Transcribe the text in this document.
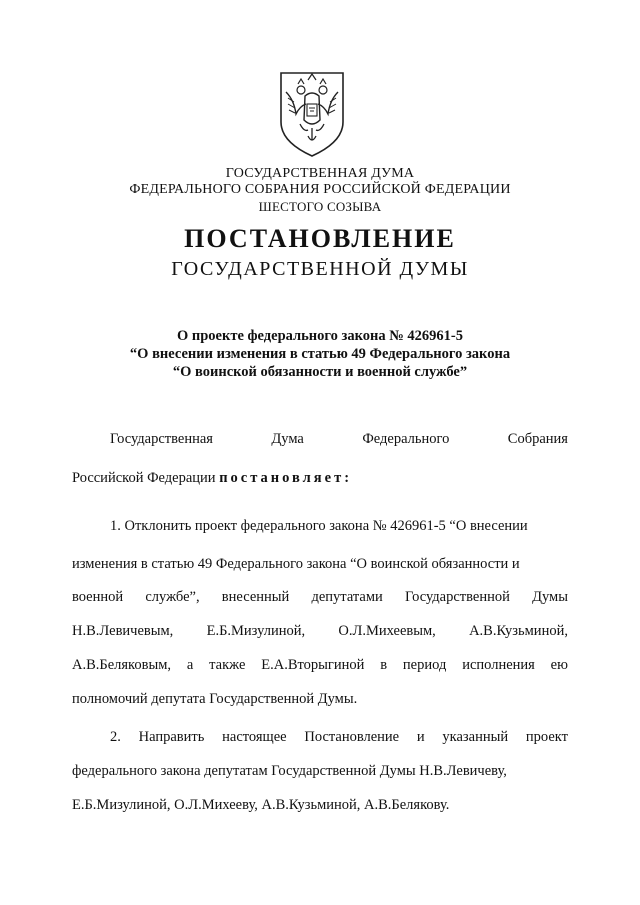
ГОСУДАРСТВЕННАЯ ДУМА
ФЕДЕРАЛЬНОГО СОБРАНИЯ РОССИЙСКОЙ ФЕДЕРАЦИИ
ШЕСТОГО СОЗЫВА
ПОСТАНОВЛЕНИЕ
ГОСУДАРСТВЕННОЙ ДУМЫ
О проекте федерального закона № 426961-5
“О внесении изменения в статью 49 Федерального закона
“О воинской обязанности и военной службе”
Государственная	Дума	Федерального	Собрания
Российской Федерации постановляет:
1. Отклонить проект федерального закона № 426961-5 “О внесении
изменения в статью 49 Федерального закона “О воинской обязанности и
военной службе”, внесенный депутатами Государственной Думы
Н.В.Левичевым, Е.Б.Мизулиной, О.Л.Михеевым, А.В.Кузьминой,
А.В.Беляковым, а также Е.А.Вторыгиной в период исполнения ею
полномочий депутата Государственной Думы.
2. Направить настоящее Постановление и указанный проект
федерального закона депутатам Государственной Думы Н.В.Левичеву,
Е.Б.Мизулиной, О.Л.Михееву, А.В.Кузьминой, А.В.Белякову.
